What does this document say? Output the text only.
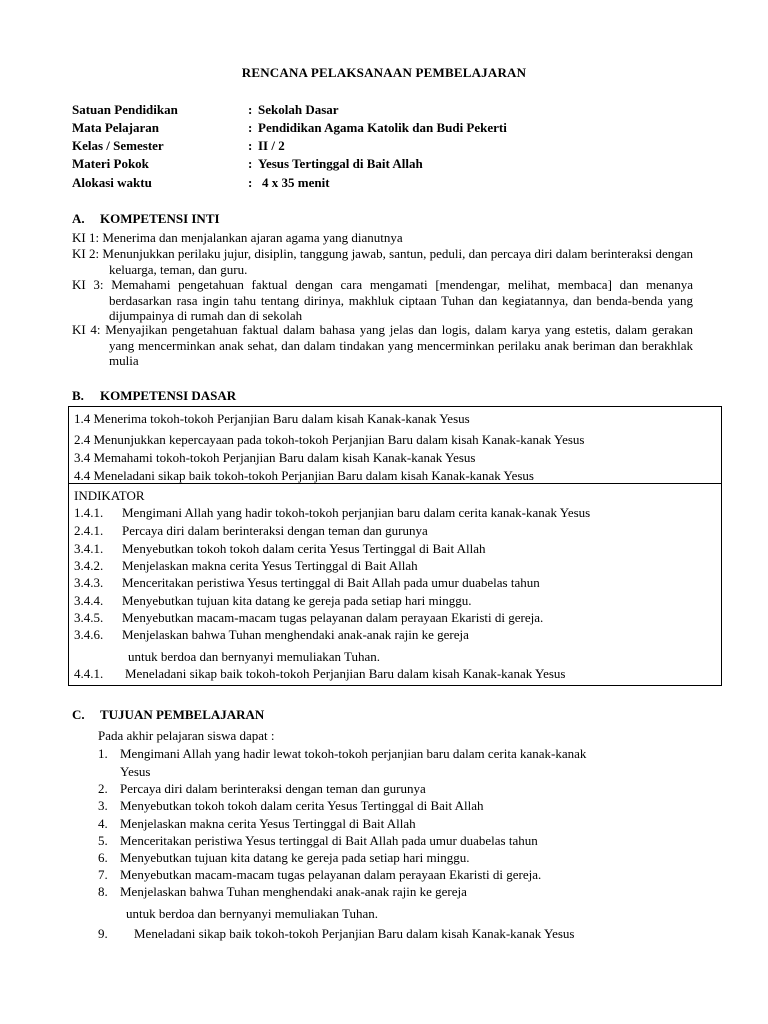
RENCANA PELAKSANAAN PEMBELAJARAN
Satuan Pendidikan	: Sekolah Dasar
Mata Pelajaran	: Pendidikan Agama Katolik dan Budi Pekerti
Kelas / Semester	: II / 2
Materi Pokok	: Yesus Tertinggal di Bait Allah
Alokasi waktu	: 4 x 35 menit
A. KOMPETENSI INTI
KI 1: Menerima dan menjalankan ajaran agama yang dianutnya
KI 2: Menunjukkan perilaku jujur, disiplin, tanggung jawab, santun, peduli, dan percaya diri dalam berinteraksi dengan keluarga, teman, dan guru.
KI 3: Memahami pengetahuan faktual dengan cara mengamati [mendengar, melihat, membaca] dan menanya berdasarkan rasa ingin tahu tentang dirinya, makhluk ciptaan Tuhan dan kegiatannya, dan benda-benda yang dijumpainya di rumah dan di sekolah
KI 4: Menyajikan pengetahuan faktual dalam bahasa yang jelas dan logis, dalam karya yang estetis, dalam gerakan yang mencerminkan anak sehat, dan dalam tindakan yang mencerminkan perilaku anak beriman dan berakhlak mulia
B. KOMPETENSI DASAR
1.4 Menerima tokoh-tokoh Perjanjian Baru dalam kisah Kanak-kanak Yesus
2.4 Menunjukkan kepercayaan pada tokoh-tokoh Perjanjian Baru dalam kisah Kanak-kanak Yesus
3.4 Memahami tokoh-tokoh Perjanjian Baru dalam kisah Kanak-kanak Yesus
4.4 Meneladani sikap baik tokoh-tokoh Perjanjian Baru dalam kisah Kanak-kanak Yesus
INDIKATOR
1.4.1. Mengimani Allah yang hadir tokoh-tokoh perjanjian baru dalam cerita kanak-kanak Yesus
2.4.1. Percaya diri dalam berinteraksi dengan teman dan gurunya
3.4.1. Menyebutkan tokoh tokoh dalam cerita Yesus Tertinggal di Bait Allah
3.4.2. Menjelaskan makna cerita Yesus Tertinggal di Bait Allah
3.4.3. Menceritakan peristiwa Yesus tertinggal di Bait Allah pada umur duabelas tahun
3.4.4. Menyebutkan tujuan kita datang ke gereja pada setiap hari minggu.
3.4.5. Menyebutkan macam-macam tugas pelayanan dalam perayaan Ekaristi di gereja.
3.4.6. Menjelaskan bahwa Tuhan menghendaki anak-anak rajin ke gereja
untuk berdoa dan bernyanyi memuliakan Tuhan.
4.4.1. Meneladani sikap baik tokoh-tokoh Perjanjian Baru dalam kisah Kanak-kanak Yesus
C. TUJUAN PEMBELAJARAN
Pada akhir pelajaran siswa dapat :
1. Mengimani Allah yang hadir lewat tokoh-tokoh perjanjian baru dalam cerita kanak-kanak
Yesus
2. Percaya diri dalam berinteraksi dengan teman dan gurunya
3. Menyebutkan tokoh tokoh dalam cerita Yesus Tertinggal di Bait Allah
4. Menjelaskan makna cerita Yesus Tertinggal di Bait Allah
5. Menceritakan peristiwa Yesus tertinggal di Bait Allah pada umur duabelas tahun
6. Menyebutkan tujuan kita datang ke gereja pada setiap hari minggu.
7. Menyebutkan macam-macam tugas pelayanan dalam perayaan Ekaristi di gereja.
8. Menjelaskan bahwa Tuhan menghendaki anak-anak rajin ke gereja
untuk berdoa dan bernyanyi memuliakan Tuhan.
9. Meneladani sikap baik tokoh-tokoh Perjanjian Baru dalam kisah Kanak-kanak Yesus
